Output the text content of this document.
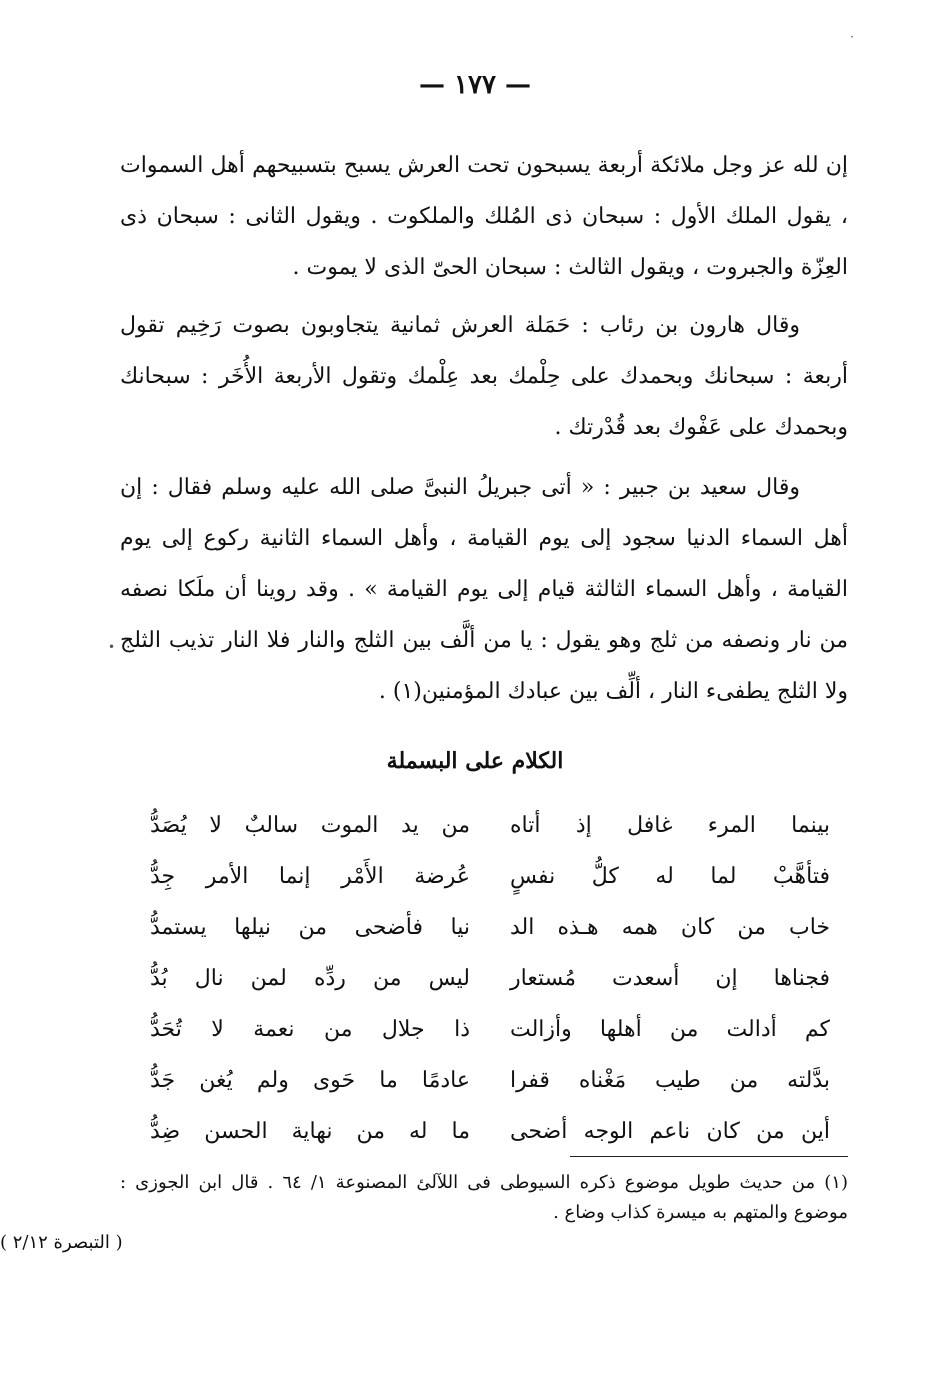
·
•
— ١٧٧ —

إن لله عز وجل ملائكة أربعة يسبحون تحت العرش يسبح بتسبيحهم أهل السموات ، يقول الملك الأول : سبحان ذى المُلك والملكوت . ويقول الثانى : سبحان ذى العِزّة والجبروت ، ويقول الثالث : سبحان الحىّ الذى لا يموت .

وقال هارون بن رئاب : حَمَلة العرش ثمانية يتجاوبون بصوت رَخِيم تقول أربعة : سبحانك وبحمدك على حِلْمك بعد عِلْمك وتقول الأربعة الأُخَر : سبحانك وبحمدك على عَفْوك بعد قُدْرتك .

وقال سعيد بن جبير : « أتى جبريلُ النبىَّ صلى الله عليه وسلم فقال : إن أهل السماء الدنيا سجود إلى يوم القيامة ، وأهل السماء الثانية ركوع إلى يوم القيامة ، وأهل السماء الثالثة قيام إلى يوم القيامة » . وقد روينا أن ملَكا نصفه من نار ونصفه من ثلج وهو يقول : يا من ألَّف بين الثلج والنار فلا النار تذيب الثلج ولا الثلج يطفىء النار ، ألِّف بين عبادك المؤمنين(١) .

الكلام على البسملة
بينما المرء غافل إذ أتاه
من يد الموت سالبٌ لا يُصَدُّ
فتأهَّبْ لما له كلُّ نفسٍ
عُرضة الأَمْر إنما الأمر جِدُّ
خاب من كان همه هـذه الد
نيا فأضحى من نيلها يستمدُّ
فجناها إن أسعدت مُستعار
ليس من ردِّه لمن نال بُدُّ
كم أدالت من أهلها وأزالت
ذا جلال من نعمة لا تُحَدُّ
بدَّلته من طيب مَغْناه قفرا
عادمًا ما حَوى ولم يُغن جَدُّ
أين من كان ناعم الوجه أضحى
ما له من نهاية الحسن ضِدُّ
(١) من حديث طويل موضوع ذكره السيوطى فى اللآلئ المصنوعة ١/ ٦٤ . قال ابن الجوزى : موضوع والمتهم به ميسرة كذاب وضاع .
( التبصرة ٢/١٢ )
